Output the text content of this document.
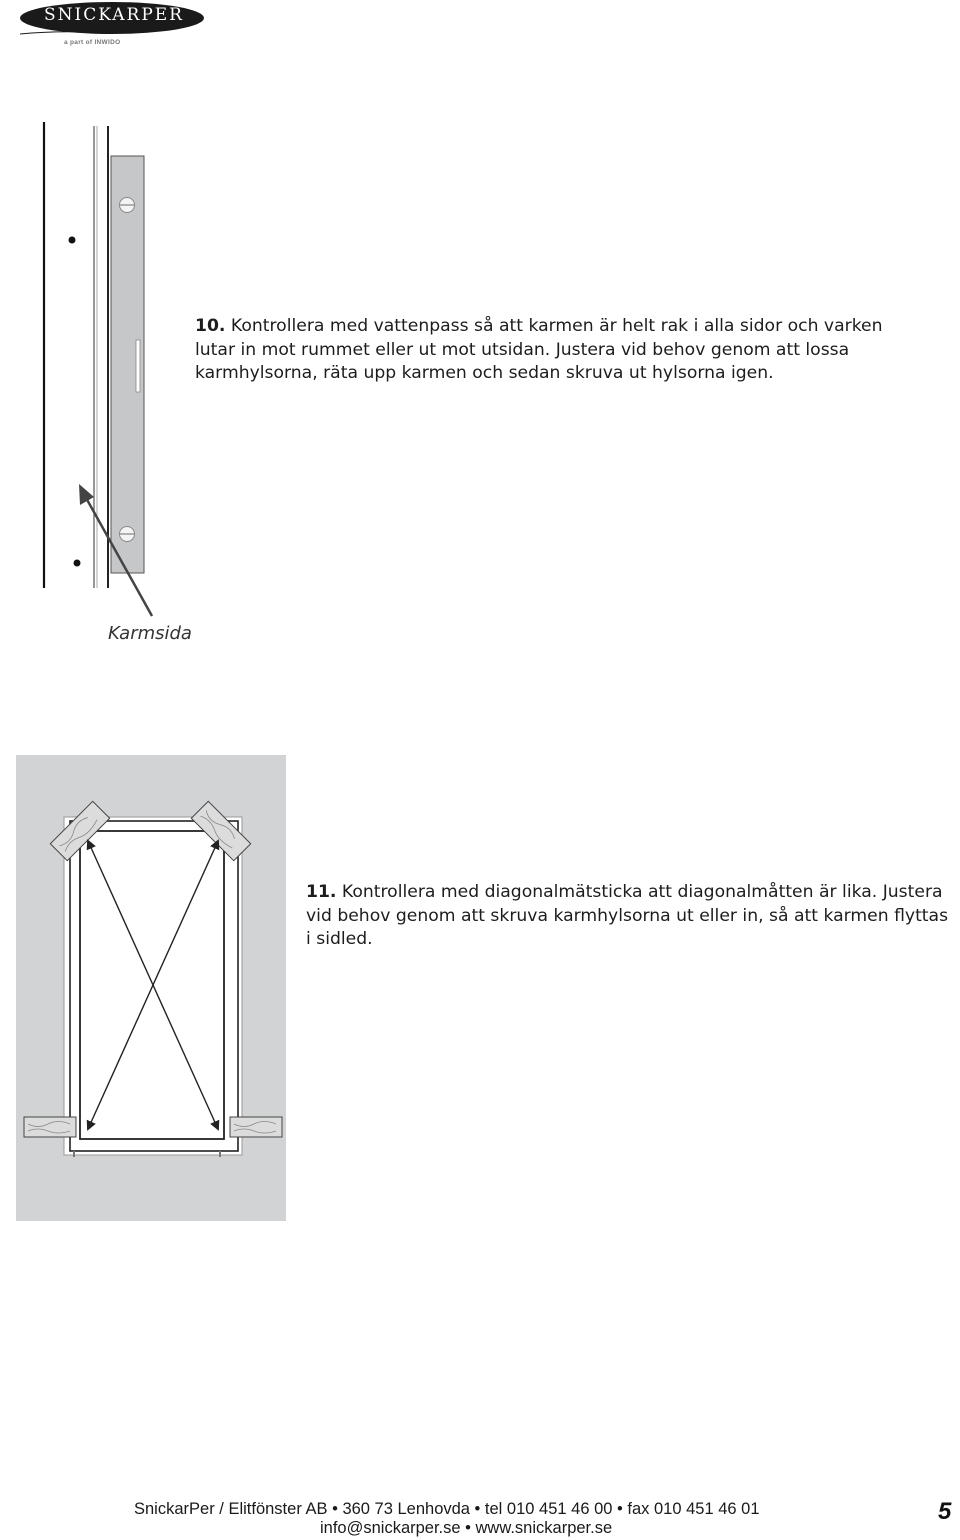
SNICKARPER
a part of INWIDO
Karmsida

10. Kontrollera med vattenpass så att karmen är helt rak i alla sidor och varken lutar in mot rummet eller ut mot utsidan. Justera vid behov genom att lossa karmhylsorna, räta upp karmen och sedan skruva ut hylsorna igen.

11. Kontrollera med diagonalmätsticka att diagonalmåtten är lika. Justera vid behov genom att skruva karmhylsorna ut eller in, så att karmen flyttas i sidled.

SnickarPer / Elitfönster AB • 360 73 Lenhovda • tel 010 451 46 00 • fax 010 451 46 01
info@snickarper.se • www.snickarper.se
5
